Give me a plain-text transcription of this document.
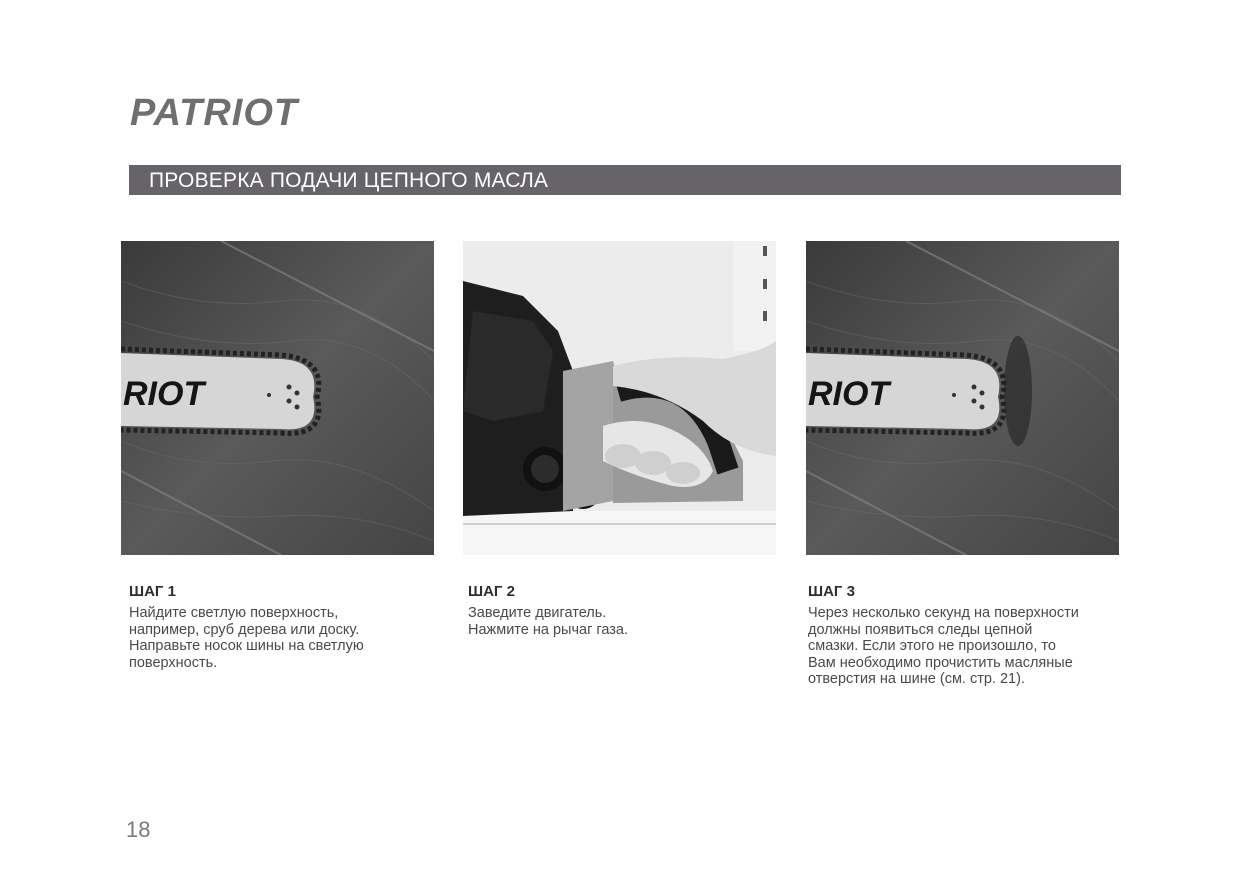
PATRIOT
ПРОВЕРКА ПОДАЧИ ЦЕПНОГО МАСЛА
RIOT	RIOT

ШАГ 1

Найдите светлую поверхность,
например, сруб дерева или доску.
Направьте носок шины на светлую
поверхность.

ШАГ 2

Заведите двигатель.
Нажмите на рычаг газа.

ШАГ 3

Через несколько секунд на поверхности
должны появиться следы цепной
смазки. Если этого не произошло, то
Вам необходимо прочистить масляные
отверстия на шине (см. стр. 21).

18
